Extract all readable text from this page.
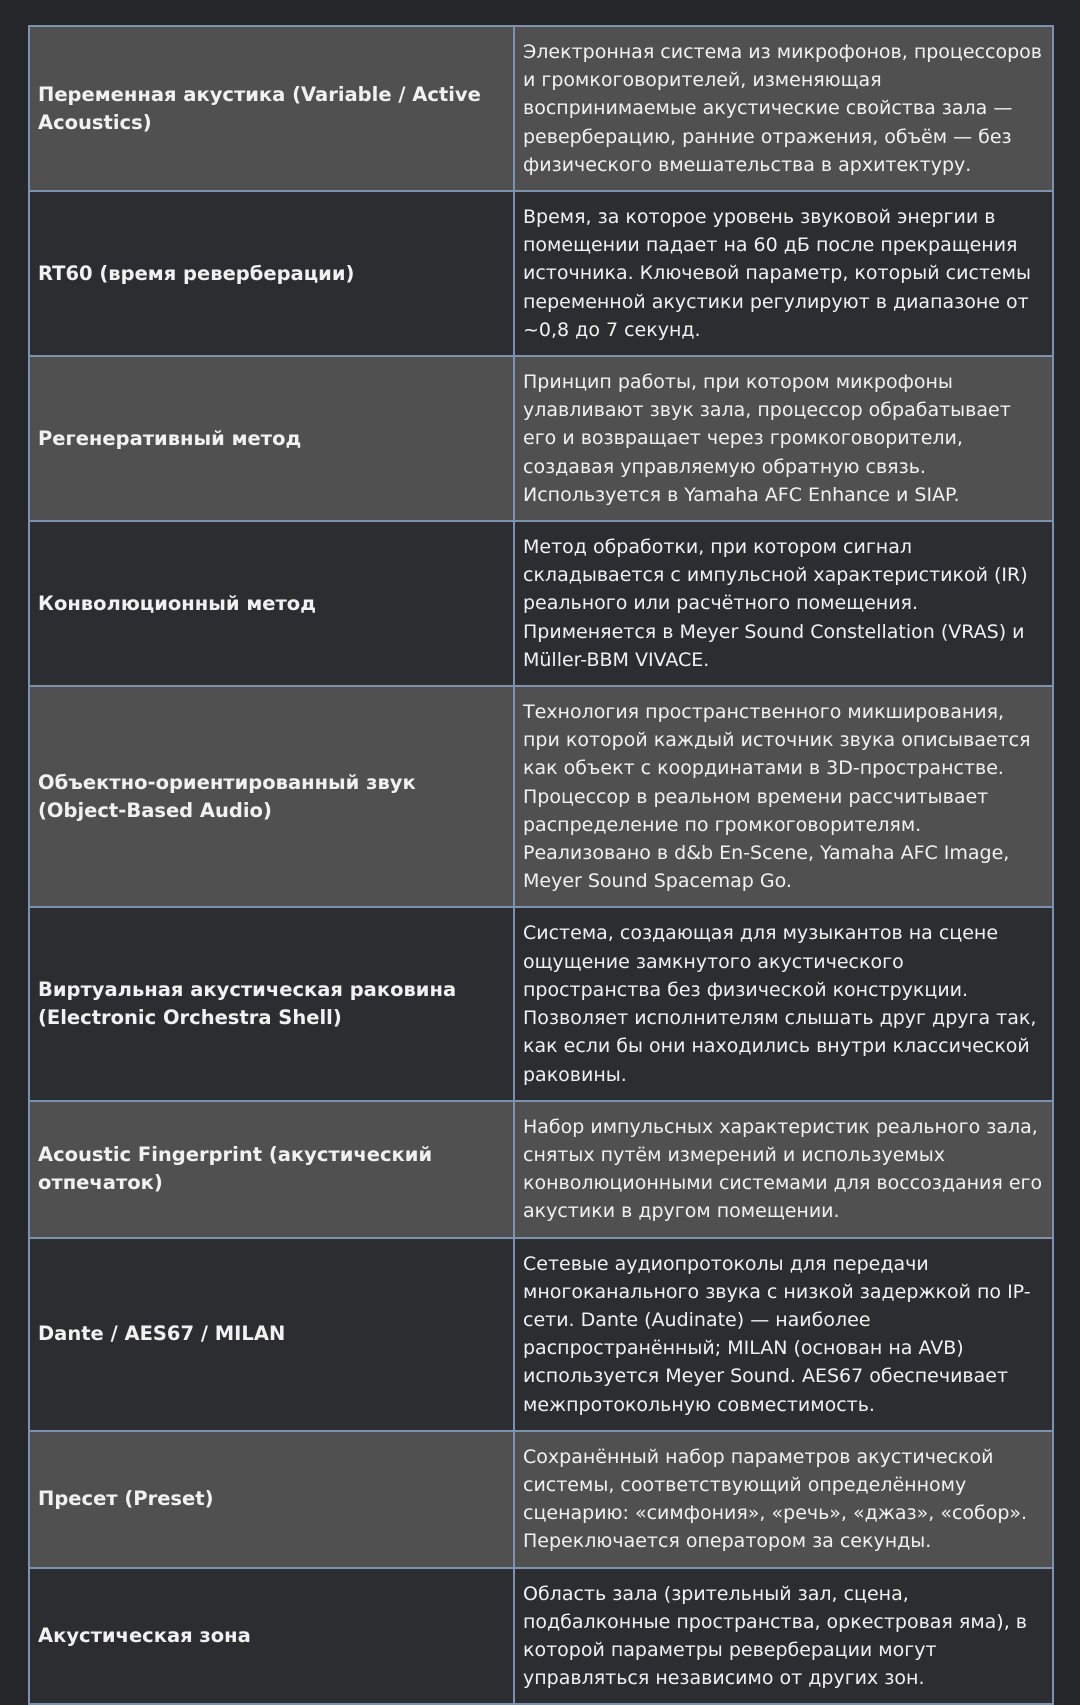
Переменная акустика (Variable / Active Acoustics)	Электронная система из микрофонов, процессоров и громкоговорителей, изменяющая воспринимаемые акустические свойства зала — реверберацию, ранние отражения, объём — без физического вмешательства в архитектуру.
RT60 (время реверберации)	Время, за которое уровень звуковой энергии в помещении падает на 60 дБ после прекращения источника. Ключевой параметр, который системы переменной акустики регулируют в диапазоне от ~0,8 до 7 секунд.
Регенеративный метод	Принцип работы, при котором микрофоны улавливают звук зала, процессор обрабатывает его и возвращает через громкоговорители, создавая управляемую обратную связь. Используется в Yamaha AFC Enhance и SIAP.
Конволюционный метод	Метод обработки, при котором сигнал складывается с импульсной характеристикой (IR) реального или расчётного помещения. Применяется в Meyer Sound Constellation (VRAS) и Müller-BBM VIVACE.
Объектно-ориентированный звук (Object-Based Audio)	Технология пространственного микширования, при которой каждый источник звука описывается как объект с координатами в 3D-пространстве. Процессор в реальном времени рассчитывает распределение по громкоговорителям. Реализовано в d&b En-Scene, Yamaha AFC Image, Meyer Sound Spacemap Go.
Виртуальная акустическая раковина (Electronic Orchestra Shell)	Система, создающая для музыкантов на сцене ощущение замкнутого акустического пространства без физической конструкции. Позволяет исполнителям слышать друг друга так, как если бы они находились внутри классической раковины.
Acoustic Fingerprint (акустический отпечаток)	Набор импульсных характеристик реального зала, снятых путём измерений и используемых конволюционными системами для воссоздания его акустики в другом помещении.
Dante / AES67 / MILAN	Сетевые аудиопротоколы для передачи многоканального звука с низкой задержкой по IP-сети. Dante (Audinate) — наиболее распространённый; MILAN (основан на AVB) используется Meyer Sound. AES67 обеспечивает межпротокольную совместимость.
Пресет (Preset)	Сохранённый набор параметров акустической системы, соответствующий определённому сценарию: «симфония», «речь», «джаз», «собор». Переключается оператором за секунды.
Акустическая зона	Область зала (зрительный зал, сцена, подбалконные пространства, оркестровая яма), в которой параметры реверберации могут управляться независимо от других зон.
